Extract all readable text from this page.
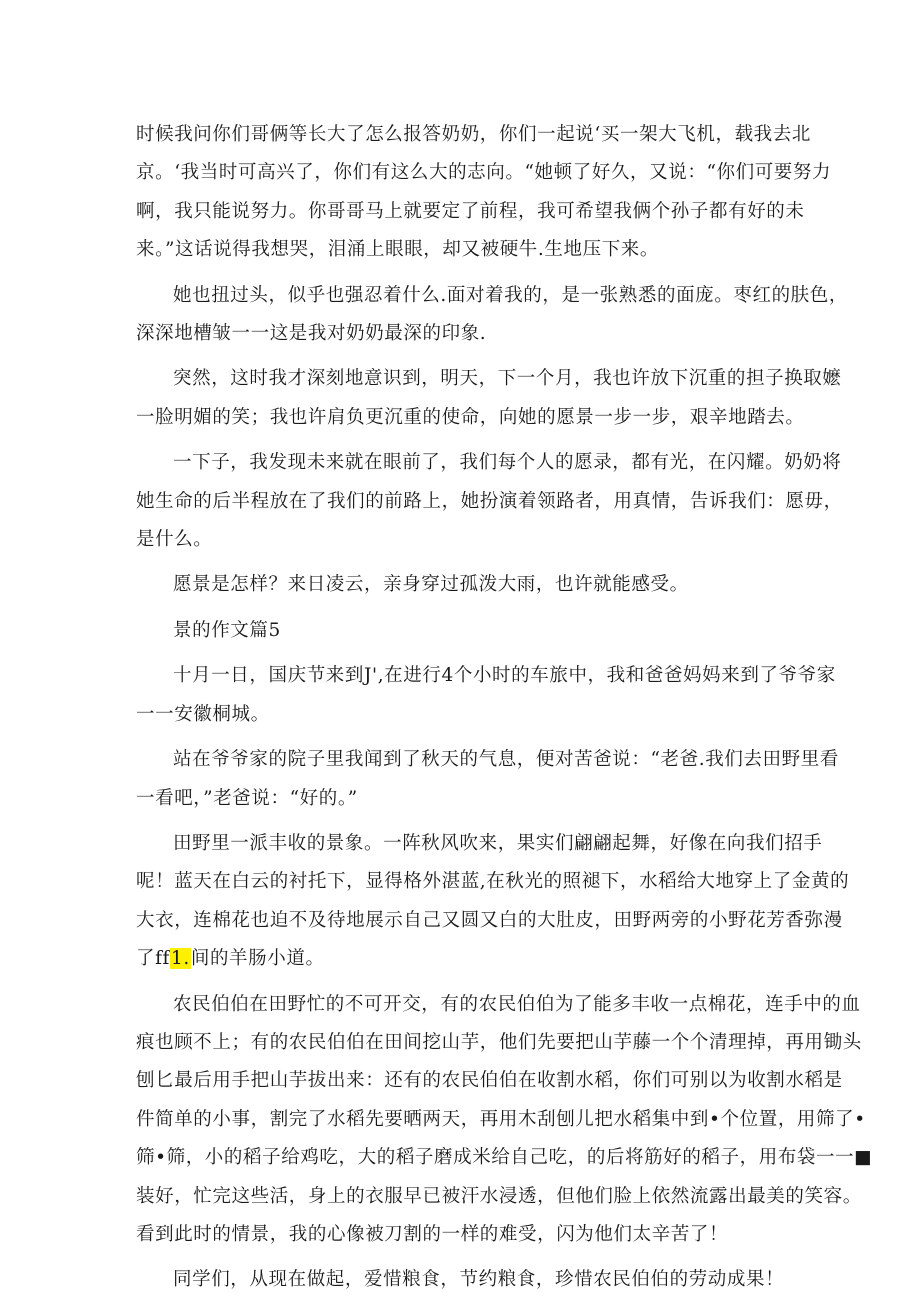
时候我问你们哥俩等长大了怎么报答奶奶，你们一起说‘买一架大飞机，载我去北
京。‘我当时可高兴了，你们有这么大的志向。“她顿了好久，又说：“你们可要努力
啊，我只能说努力。你哥哥马上就要定了前程，我可希望我俩个孙子都有好的未
来。”这话说得我想哭，泪涌上眼眼，却又被硬牛.生地压下来。

她也扭过头，似乎也强忍着什么.面对着我的，是一张熟悉的面庞。枣红的肤色，
深深地槽皱一一这是我对奶奶最深的印象.

突然，这时我才深刻地意识到，明天，下一个月，我也许放下沉重的担子换取嬷
一脸明媚的笑；我也许肩负更沉重的使命，向她的愿景一步一步，艰辛地踏去。

一下子，我发现未来就在眼前了，我们每个人的愿录，都有光，在闪耀。奶奶将
她生命的后半程放在了我们的前路上，她扮演着领路者，用真情，告诉我们：愿毋，
是什么。

愿景是怎样？来日凌云，亲身穿过孤泼大雨，也许就能感受。

景的作文篇5

十月一日，国庆节来到J',在进行4个小时的车旅中，我和爸爸妈妈来到了爷爷家
一一安徽桐城。

站在爷爷家的院子里我闻到了秋天的气息，便对苦爸说：“老爸.我们去田野里看
一看吧，”老爸说：“好的。”

田野里一派丰收的景象。一阵秋风吹来，果实们翩翩起舞，好像在向我们招手
呢！蓝天在白云的衬托下，显得格外湛蓝,在秋光的照褪下，水稻给大地穿上了金黄的
大衣，连棉花也迫不及待地展示自己又圆又白的大肚皮，田野两旁的小野花芳香弥漫
了ff1.间的羊肠小道。

农民伯伯在田野忙的不可开交，有的农民伯伯为了能多丰收一点棉花，连手中的血
痕也顾不上；有的农民伯伯在田间挖山芋，他们先要把山芋藤一个个清理掉，再用锄头
刨匕最后用手把山芋拔出来：还有的农民伯伯在收割水稻，你们可别以为收割水稻是
件简单的小事，割完了水稻先要晒两天，再用木刮刨儿把水稻集中到•个位置，用筛了•
筛•筛，小的稻子给鸡吃，大的稻子磨成米给自己吃，的后将筋好的稻子，用布袋一一■
装好，忙完这些活，身上的衣服早已被汗水浸透，但他们脸上依然流露出最美的笑容。
看到此时的情景，我的心像被刀割的一样的难受，闪为他们太辛苦了！

同学们，从现在做起，爱惜粮食，节约粮食，珍惜农民伯伯的劳动成果！
